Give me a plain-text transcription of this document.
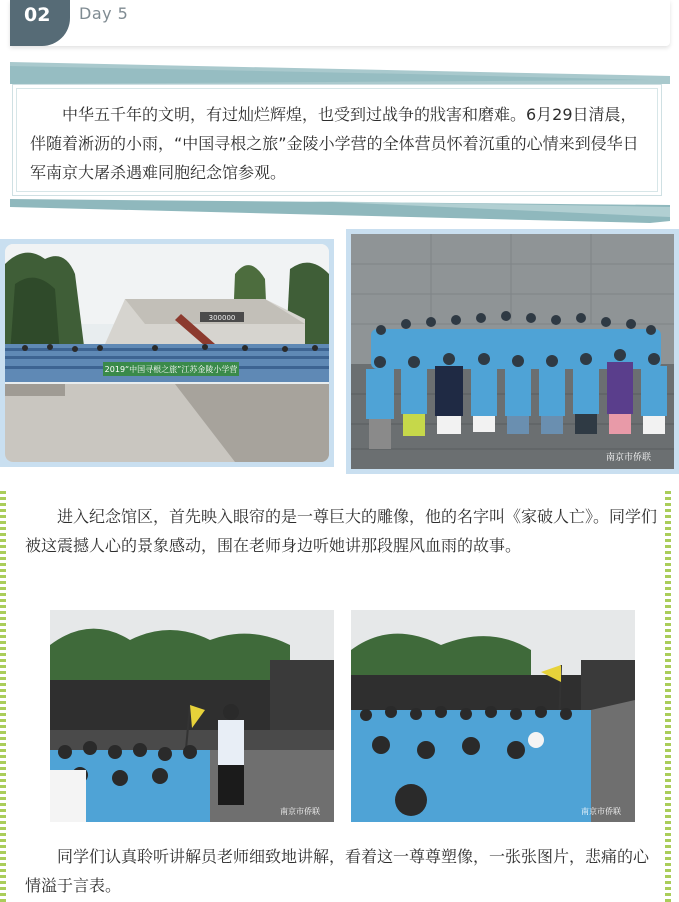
02	Day 5
中华五千年的文明，有过灿烂辉煌，也受到过战争的戕害和磨难。6月29日清晨，伴随着淅沥的小雨，“中国寻根之旅”金陵小学营的全体营员怀着沉重的心情来到侵华日军南京大屠杀遇难同胞纪念馆参观。
2019“中国寻根之旅”江苏金陵小学营
300000
南京市侨联
进入纪念馆区，首先映入眼帘的是一尊巨大的雕像，他的名字叫《家破人亡》。同学们被这震撼人心的景象感动，围在老师身边听她讲那段腥风血雨的故事。
南京市侨联	南京市侨联
同学们认真聆听讲解员老师细致地讲解，看着这一尊尊塑像，一张张图片，悲痛的心情溢于言表。
